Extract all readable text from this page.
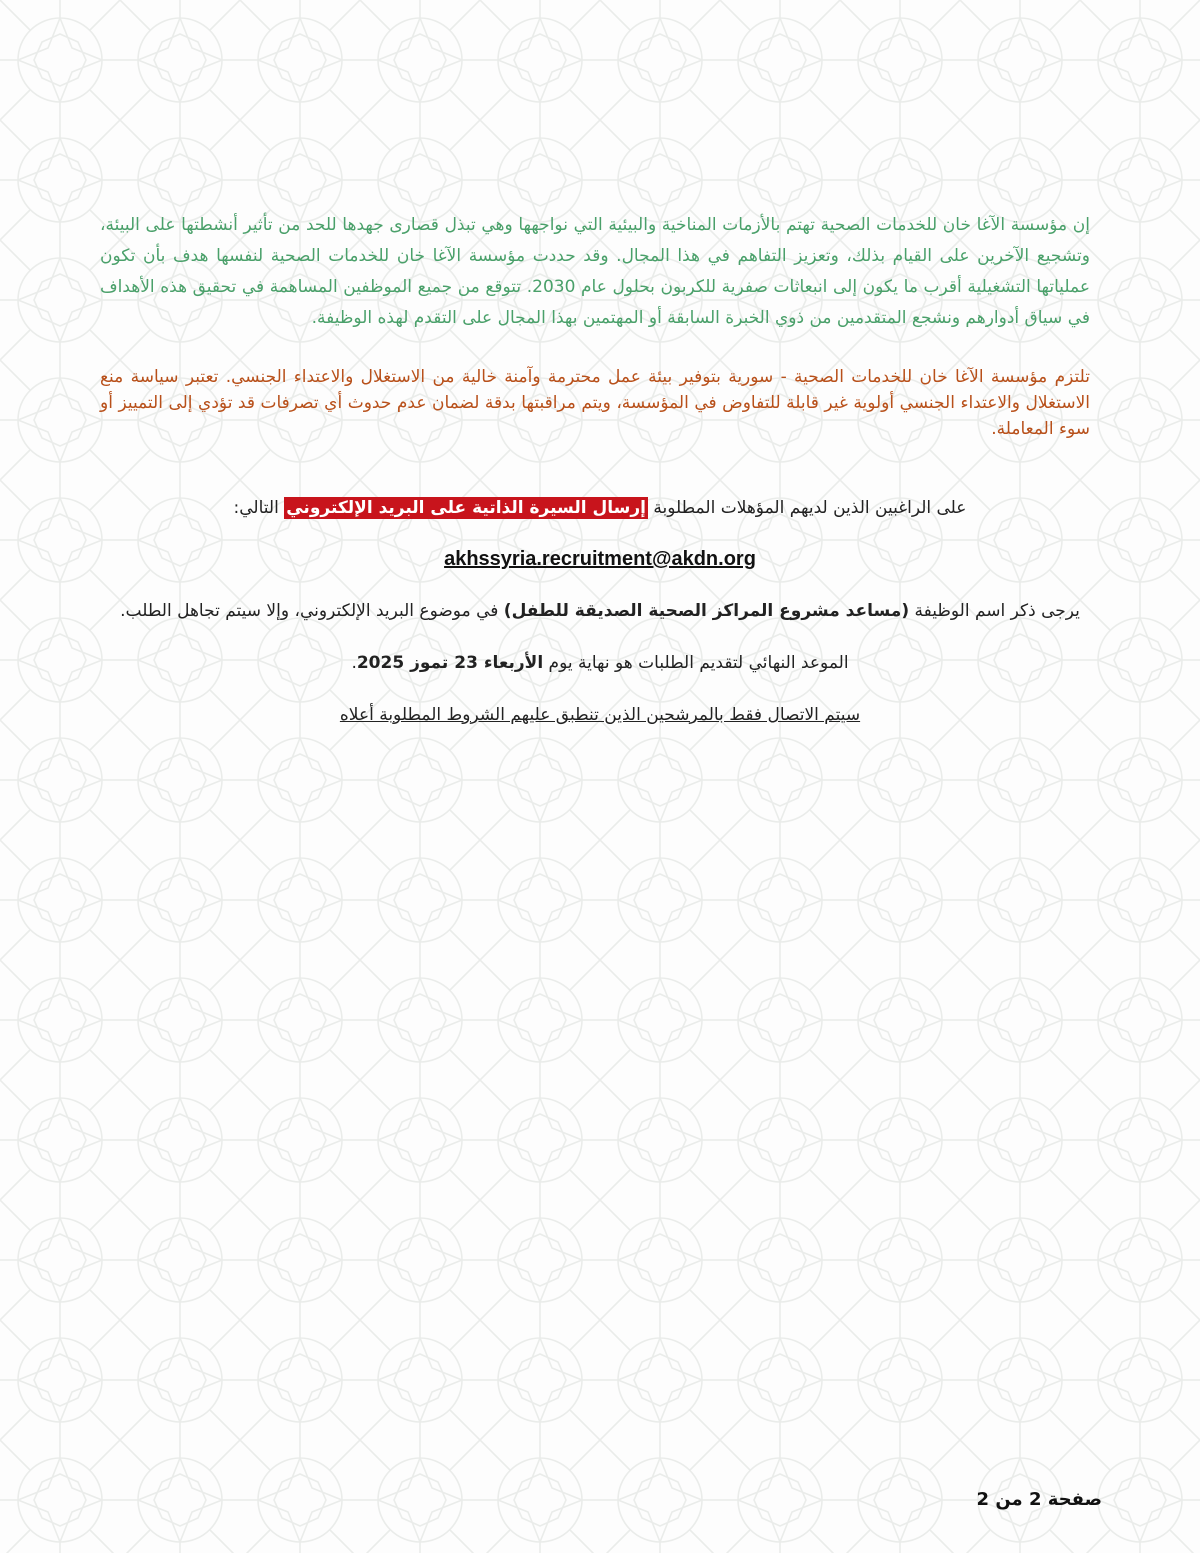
إن مؤسسة الآغا خان للخدمات الصحية تهتم بالأزمات المناخية والبيئية التي نواجهها وهي تبذل قصارى جهدها للحد من تأثير أنشطتها على البيئة، وتشجيع الآخرين على القيام بذلك، وتعزيز التفاهم في هذا المجال. وقد حددت مؤسسة الآغا خان للخدمات الصحية لنفسها هدف بأن تكون عملياتها التشغيلية أقرب ما يكون إلى انبعاثات صفرية للكربون بحلول عام 2030. تتوقع من جميع الموظفين المساهمة في تحقيق هذه الأهداف في سياق أدوارهم ونشجع المتقدمين من ذوي الخبرة السابقة أو المهتمين بهذا المجال على التقدم لهذه الوظيفة.

تلتزم مؤسسة الآغا خان للخدمات الصحية - سورية بتوفير بيئة عمل محترمة وآمنة خالية من الاستغلال والاعتداء الجنسي. تعتبر سياسة منع الاستغلال والاعتداء الجنسي أولوية غير قابلة للتفاوض في المؤسسة، ويتم مراقبتها بدقة لضمان عدم حدوث أي تصرفات قد تؤدي إلى التمييز أو سوء المعاملة.

على الراغبين الذين لديهم المؤهلات المطلوبة إرسال السيرة الذاتية على البريد الإلكتروني التالي:

akhssyria.recruitment@akdn.org

يرجى ذكر اسم الوظيفة (مساعد مشروع المراكز الصحية الصديقة للطفل) في موضوع البريد الإلكتروني، وإلا سيتم تجاهل الطلب.

الموعد النهائي لتقديم الطلبات هو نهاية يوم الأربعاء 23 تموز 2025.

سيتم الاتصال فقط بالمرشحين الذين تنطبق عليهم الشروط المطلوبة أعلاه

صفحة 2 من 2
